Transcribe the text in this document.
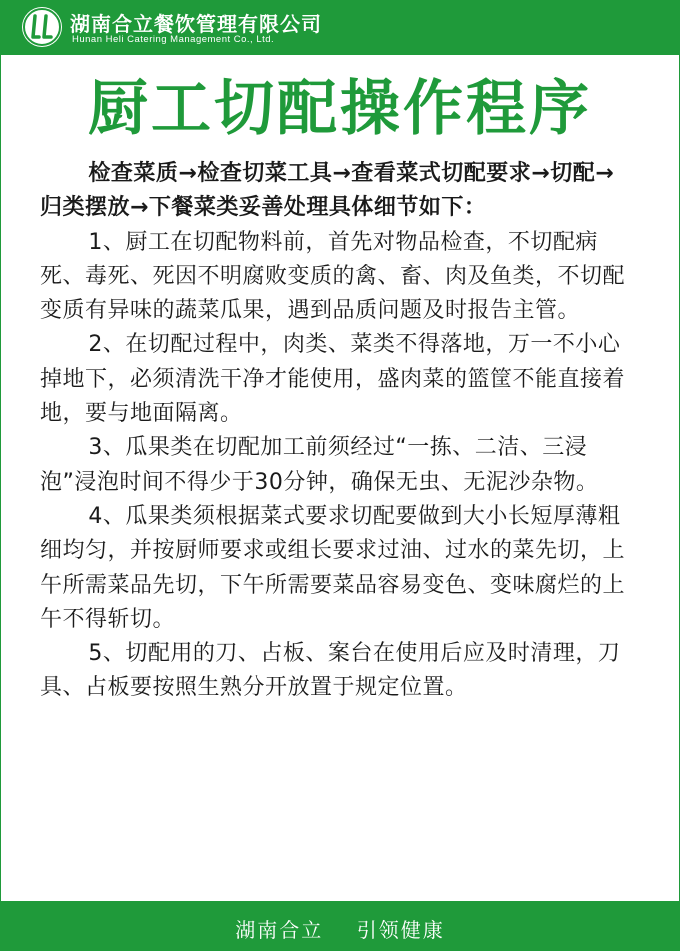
湖南合立餐饮管理有限公司

Hunan Heli Catering Management Co., Ltd.

厨工切配操作程序

检查菜质→检查切菜工具→查看菜式切配要求→切配→归类摆放→下餐菜类妥善处理具体细节如下：

1、厨工在切配物料前，首先对物品检查，不切配病死、毒死、死因不明腐败变质的禽、畜、肉及鱼类，不切配变质有异味的蔬菜瓜果，遇到品质问题及时报告主管。

2、在切配过程中，肉类、菜类不得落地，万一不小心掉地下，必须清洗干净才能使用，盛肉菜的篮筐不能直接着地，要与地面隔离。

3、瓜果类在切配加工前须经过“一拣、二洁、三浸泡”浸泡时间不得少于30分钟，确保无虫、无泥沙杂物。

4、瓜果类须根据菜式要求切配要做到大小长短厚薄粗细均匀，并按厨师要求或组长要求过油、过水的菜先切，上午所需菜品先切，下午所需要菜品容易变色、变味腐烂的上午不得斩切。

5、切配用的刀、占板、案台在使用后应及时清理，刀具、占板要按照生熟分开放置于规定位置。

湖南合立    引领健康
